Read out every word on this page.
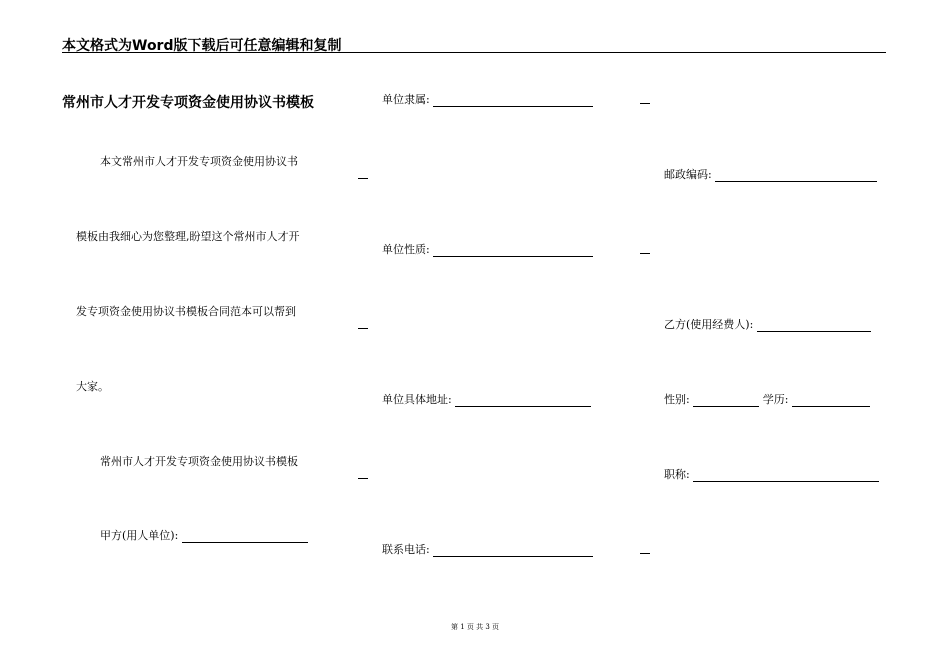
本文格式为Word版下载后可任意编辑和复制
常州市人才开发专项资金使用协议书模板
本文常州市人才开发专项资金使用协议书
模板由我细心为您整理,盼望这个常州市人才开
发专项资金使用协议书模板合同范本可以帮到
大家。
常州市人才开发专项资金使用协议书模板
甲方(用人单位):
单位隶属:
单位性质:
单位具体地址:
联系电话:
邮政编码:
乙方(使用经费人):
性别:	学历:
职称:
第 1 页 共 3 页
